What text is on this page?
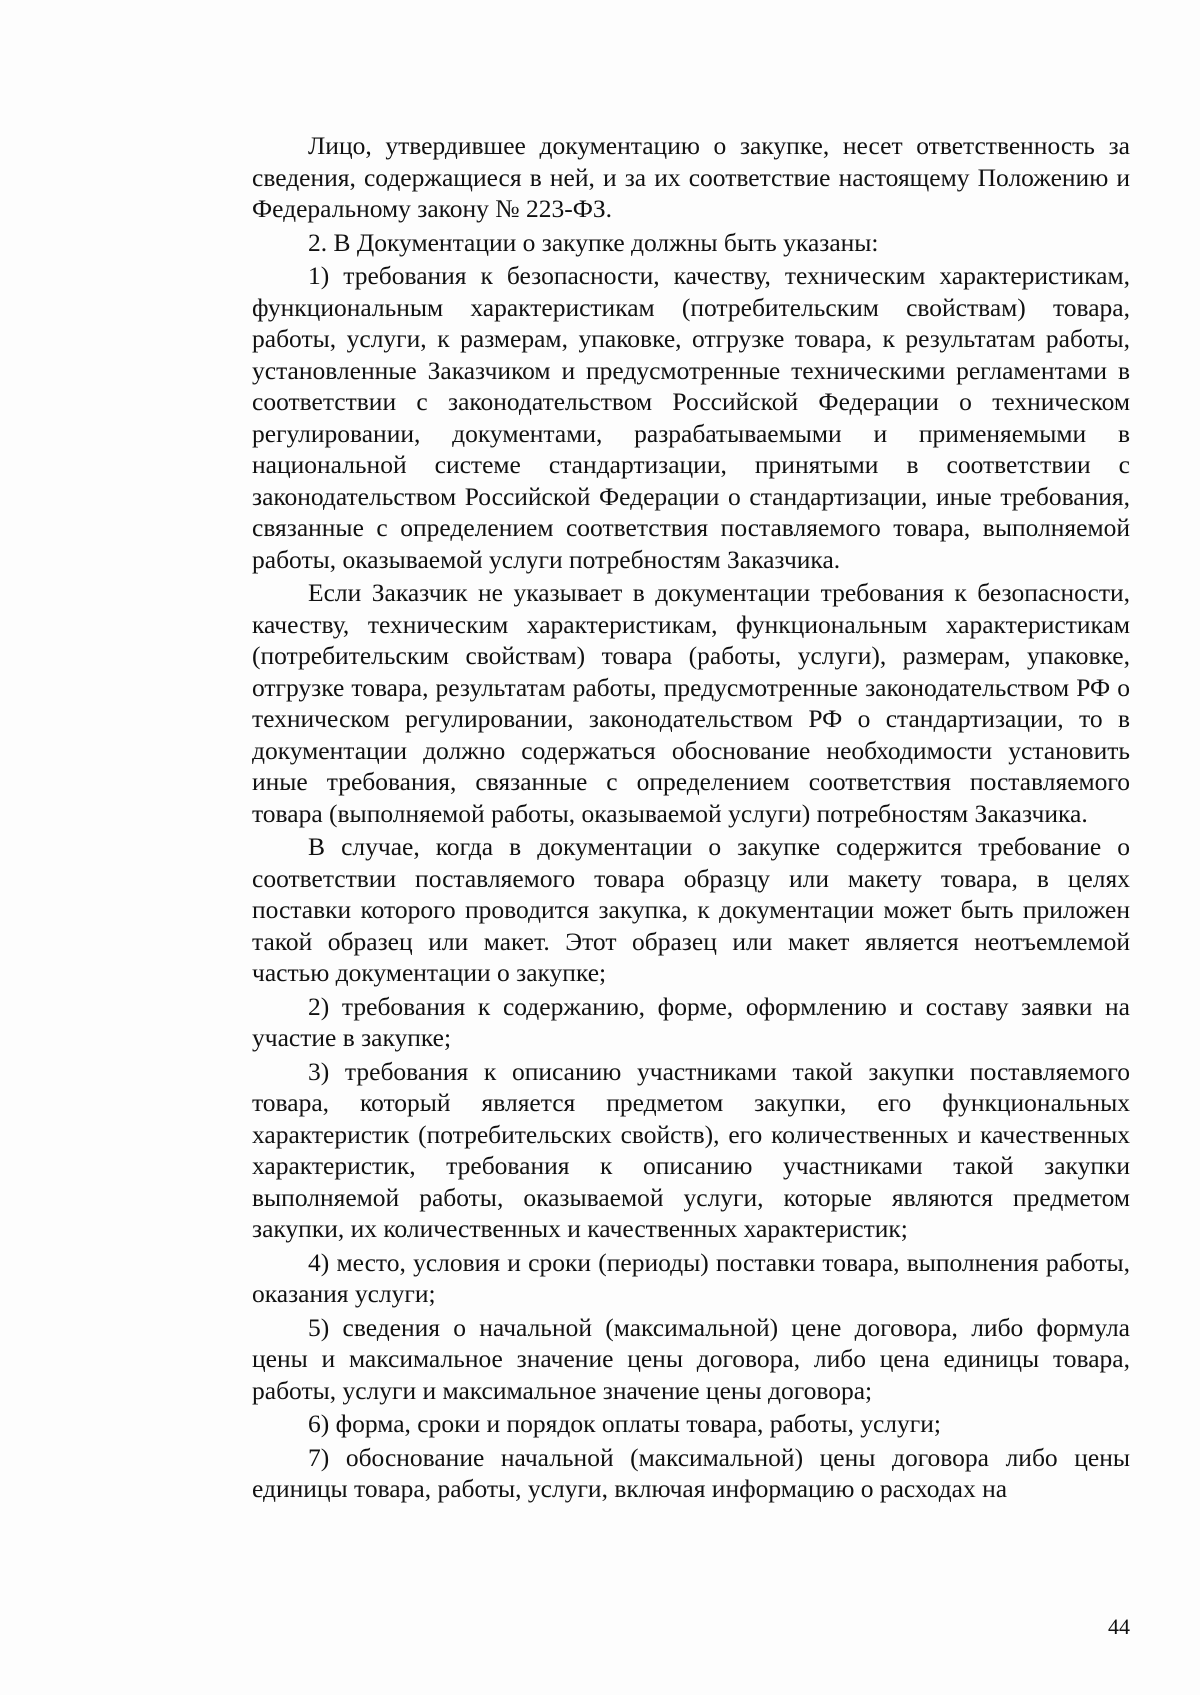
Лицо, утвердившее документацию о закупке, несет ответственность за сведения, содержащиеся в ней, и за их соответствие настоящему Положению и Федеральному закону № 223-ФЗ.

2. В Документации о закупке должны быть указаны:

1) требования к безопасности, качеству, техническим характеристикам, функциональным характеристикам (потребительским свойствам) товара, работы, услуги, к размерам, упаковке, отгрузке товара, к результатам работы, установленные Заказчиком и предусмотренные техническими регламентами в соответствии с законодательством Российской Федерации о техническом регулировании, документами, разрабатываемыми и применяемыми в национальной системе стандартизации, принятыми в соответствии с законодательством Российской Федерации о стандартизации, иные требования, связанные с определением соответствия поставляемого товара, выполняемой работы, оказываемой услуги потребностям Заказчика.

Если Заказчик не указывает в документации требования к безопасности, качеству, техническим характеристикам, функциональным характеристикам (потребительским свойствам) товара (работы, услуги), размерам, упаковке, отгрузке товара, результатам работы, предусмотренные законодательством РФ о техническом регулировании, законодательством РФ о стандартизации, то в документации должно содержаться обоснование необходимости установить иные требования, связанные с определением соответствия поставляемого товара (выполняемой работы, оказываемой услуги) потребностям Заказчика.

В случае, когда в документации о закупке содержится требование о соответствии поставляемого товара образцу или макету товара, в целях поставки которого проводится закупка, к документации может быть приложен такой образец или макет. Этот образец или макет является неотъемлемой частью документации о закупке;

2) требования к содержанию, форме, оформлению и составу заявки на участие в закупке;

3) требования к описанию участниками такой закупки поставляемого товара, который является предметом закупки, его функциональных характеристик (потребительских свойств), его количественных и качественных характеристик, требования к описанию участниками такой закупки выполняемой работы, оказываемой услуги, которые являются предметом закупки, их количественных и качественных характеристик;

4) место, условия и сроки (периоды) поставки товара, выполнения работы, оказания услуги;

5) сведения о начальной (максимальной) цене договора, либо формула цены и максимальное значение цены договора, либо цена единицы товара, работы, услуги и максимальное значение цены договора;

6) форма, сроки и порядок оплаты товара, работы, услуги;

7) обоснование начальной (максимальной) цены договора либо цены единицы товара, работы, услуги, включая информацию о расходах на

44
